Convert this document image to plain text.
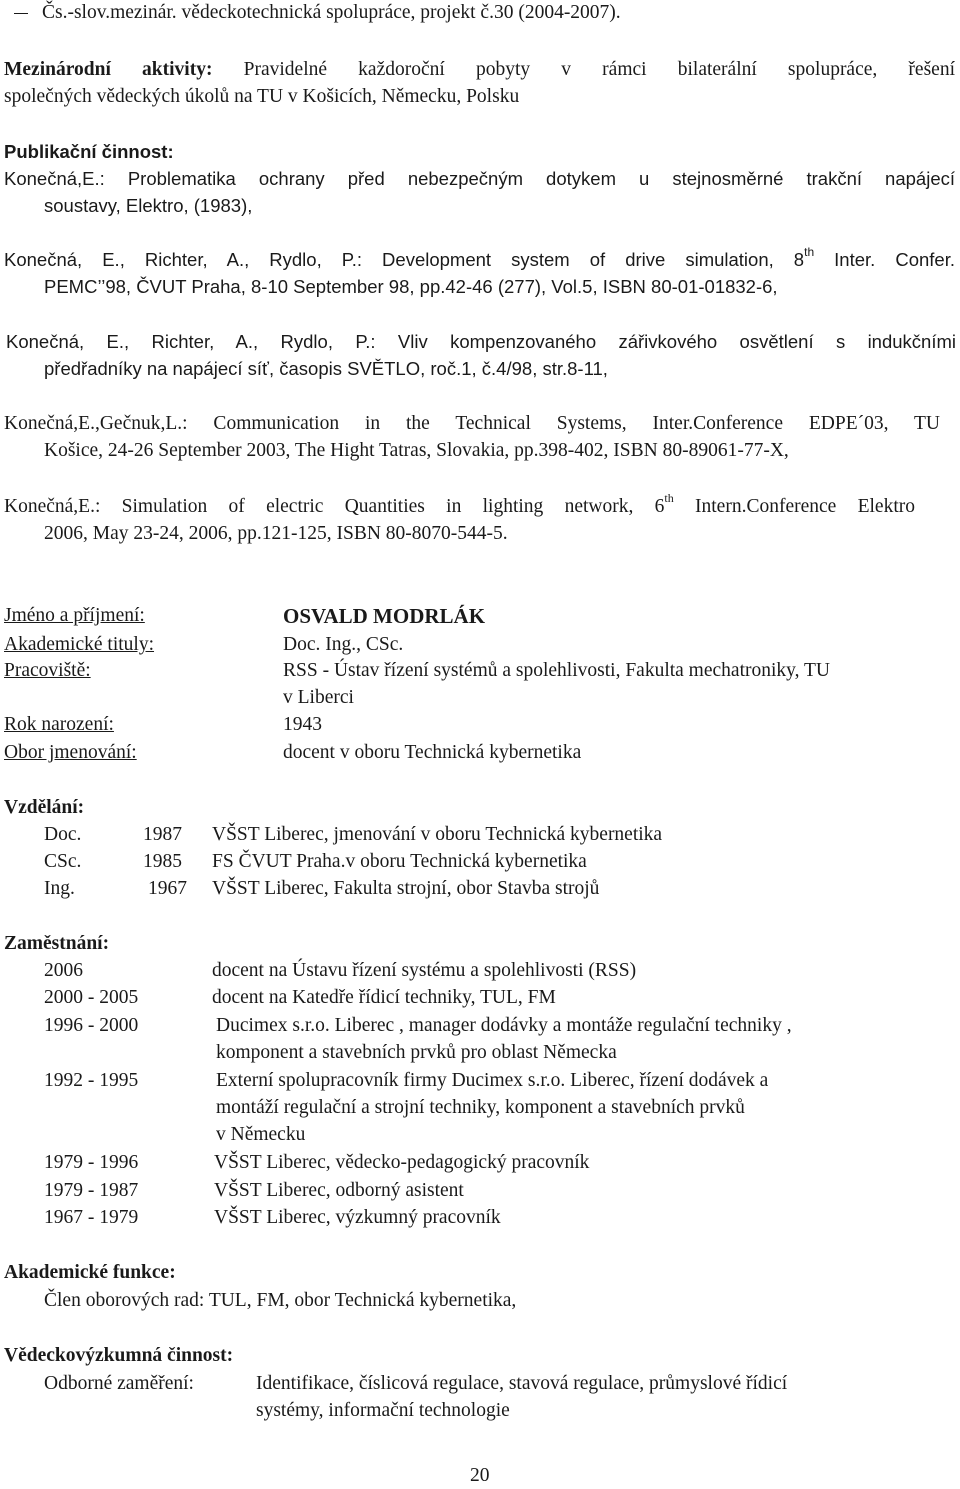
Čs.-slov.mezinár. vědeckotechnická spolupráce, projekt č.30 (2004-2007).
Mezinárodní aktivity: Pravidelné každoroční pobyty v rámci bilaterální spolupráce, řešení
společných vědeckých úkolů na TU v Košicích, Německu, Polsku
Publikační činnost:
Konečná,E.: Problematika ochrany před nebezpečným dotykem u stejnosměrné trakční napájecí
soustavy, Elektro, (1983),
Konečná, E., Richter, A., Rydlo, P.: Development system of drive simulation, 8th Inter. Confer.
PEMC’’98, ČVUT Praha, 8-10 September 98, pp.42-46 (277), Vol.5, ISBN 80-01-01832-6,
Konečná, E., Richter, A., Rydlo, P.: Vliv kompenzovaného zářivkového osvětlení s indukčními
předřadníky na napájecí síť, časopis SVĚTLO, roč.1, č.4/98, str.8-11,
Konečná,E.,Gečnuk,L.: Communication in the Technical Systems, Inter.Conference EDPE´03, TU
Košice, 24-26 September 2003, The Hight Tatras, Slovakia, pp.398-402, ISBN 80-89061-77-X,
Konečná,E.: Simulation of electric Quantities in lighting network, 6th Intern.Conference Elektro
2006, May 23-24, 2006, pp.121-125, ISBN 80-8070-544-5.
Jméno a příjmení:	OSVALD MODRLÁK
Akademické tituly:	Doc. Ing., CSc.
Pracoviště:	RSS - Ústav řízení systémů a spolehlivosti, Fakulta mechatroniky, TU
v Liberci
Rok narození:	1943
Obor jmenování:	docent v oboru Technická kybernetika
Vzdělání:
Doc.	1987 VŠST Liberec, jmenování v oboru Technická kybernetika
CSc.	1985 FS ČVUT Praha.v oboru Technická kybernetika
Ing.	1967 VŠST Liberec, Fakulta strojní, obor Stavba strojů
Zaměstnání:
2006	docent na Ústavu řízení systému a spolehlivosti (RSS)
2000 - 2005	docent na Katedře řídicí techniky, TUL, FM
1996 - 2000	Ducimex s.r.o. Liberec , manager dodávky a montáže regulační techniky ,
komponent a stavebních prvků pro oblast Německa
1992 - 1995	Externí spolupracovník firmy Ducimex s.r.o. Liberec, řízení dodávek a
montáží regulační a strojní techniky, komponent a stavebních prvků
v Německu
1979 - 1996	VŠST Liberec, vědecko-pedagogický pracovník
1979 - 1987	VŠST Liberec, odborný asistent
1967 - 1979	VŠST Liberec, výzkumný pracovník
Akademické funkce:
Člen oborových rad: TUL, FM, obor Technická kybernetika,
Vědeckovýzkumná činnost:
Odborné zaměření:	Identifikace, číslicová regulace, stavová regulace, průmyslové řídicí
systémy, informační technologie
20
